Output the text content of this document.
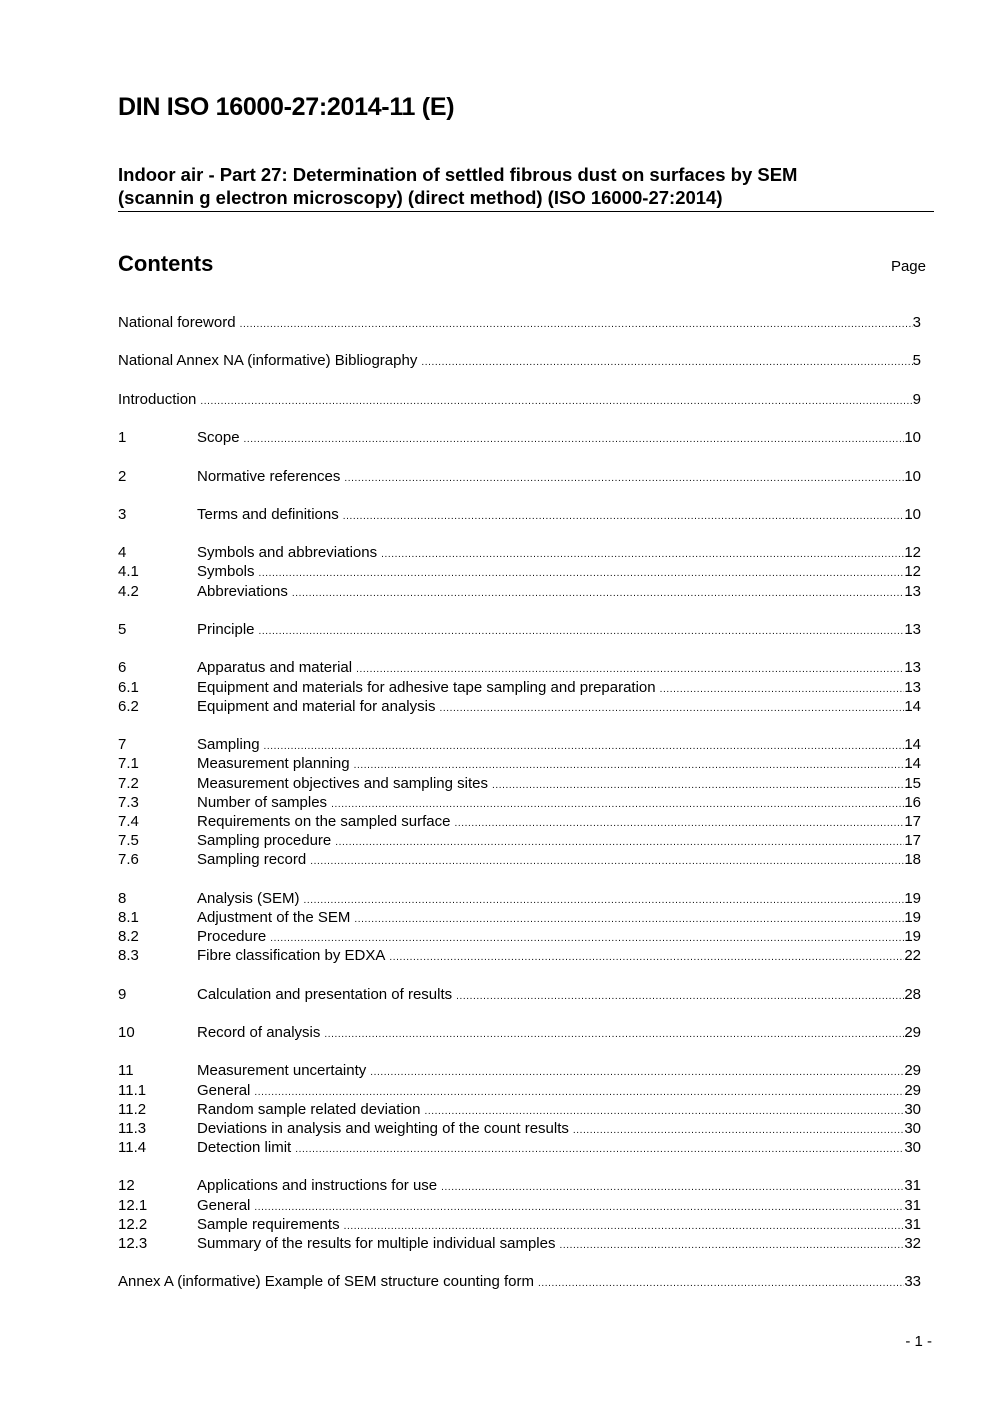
DIN ISO 16000-27:2014-11 (E)
Indoor air - Part 27: Determination of settled fibrous dust on surfaces by SEM
(scannin g electron microscopy) (direct method) (ISO 16000-27:2014)
Contents	Page
National foreword .....	3
National Annex NA (informative) Bibliography .....	5
Introduction .....	9
1	Scope .....	10
2	Normative references .....	10
3	Terms and definitions .....	10
4	Symbols and abbreviations .....	12
4.1	Symbols .....	12
4.2	Abbreviations .....	13
5	Principle .....	13
6	Apparatus and material .....	13
6.1	Equipment and materials for adhesive tape sampling and preparation .....	13
6.2	Equipment and material for analysis .....	14
7	Sampling .....	14
7.1	Measurement planning .....	14
7.2	Measurement objectives and sampling sites .....	15
7.3	Number of samples .....	16
7.4	Requirements on the sampled surface .....	17
7.5	Sampling procedure .....	17
7.6	Sampling record .....	18
8	Analysis (SEM) .....	19
8.1	Adjustment of the SEM .....	19
8.2	Procedure .....	19
8.3	Fibre classification by EDXA .....	22
9	Calculation and presentation of results .....	28
10	Record of analysis .....	29
11	Measurement uncertainty .....	29
11.1	General .....	29
11.2	Random sample related deviation .....	30
11.3	Deviations in analysis and weighting of the count results .....	30
11.4	Detection limit .....	30
12	Applications and instructions for use .....	31
12.1	General .....	31
12.2	Sample requirements .....	31
12.3	Summary of the results for multiple individual samples .....	32
Annex A (informative) Example of SEM structure counting form .....	33
- 1 -
